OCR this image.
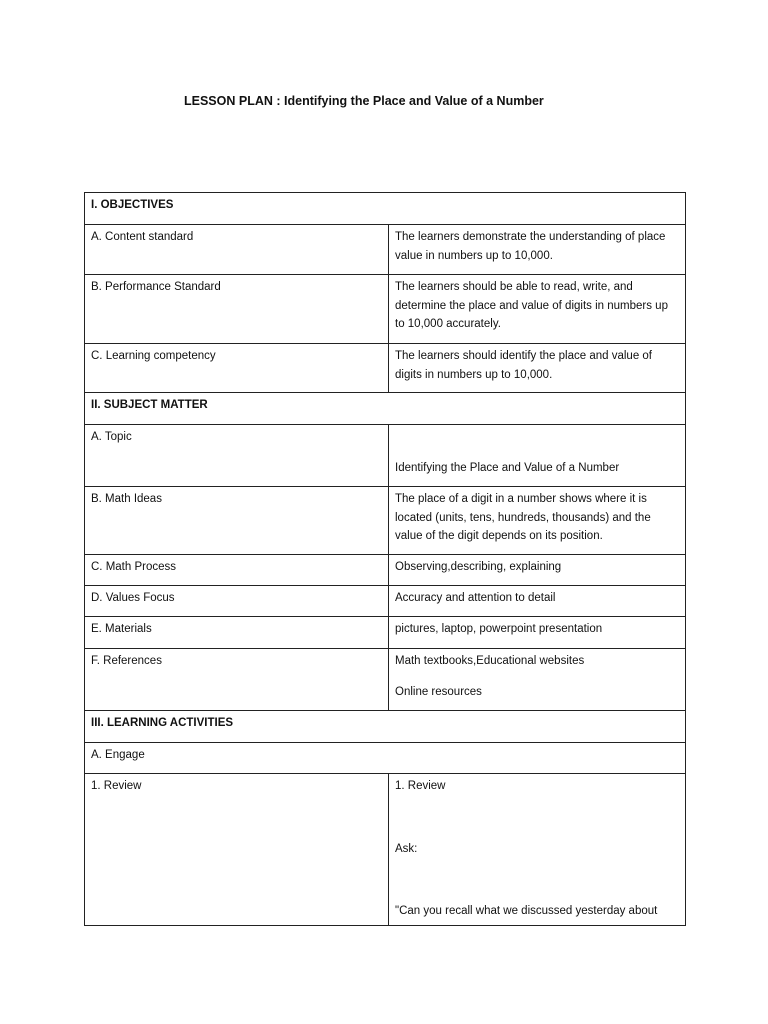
LESSON PLAN : Identifying the Place and Value of a Number
I. OBJECTIVES	
A. Content standard	The learners demonstrate the understanding of place value in numbers up to 10,000.
B. Performance Standard	The learners should be able to read, write, and determine the place and value of digits in numbers up to 10,000 accurately.
C. Learning competency	The learners should identify the place and value of digits in numbers up to 10,000.
II. SUBJECT MATTER	
A. Topic	Identifying the Place and Value of a Number

B. Math Ideas	The place of a digit in a number shows where it is located (units, tens, hundreds, thousands) and the value of the digit depends on its position.
C. Math Process	Observing,describing, explaining
D. Values Focus	Accuracy and attention to detail
E. Materials	pictures, laptop, powerpoint presentation
F. References	Math textbooks,Educational websites

Online resources

III. LEARNING ACTIVITIES	
A. Engage	
1. Review	1. Review

Ask:

"Can you recall what we discussed yesterday about
